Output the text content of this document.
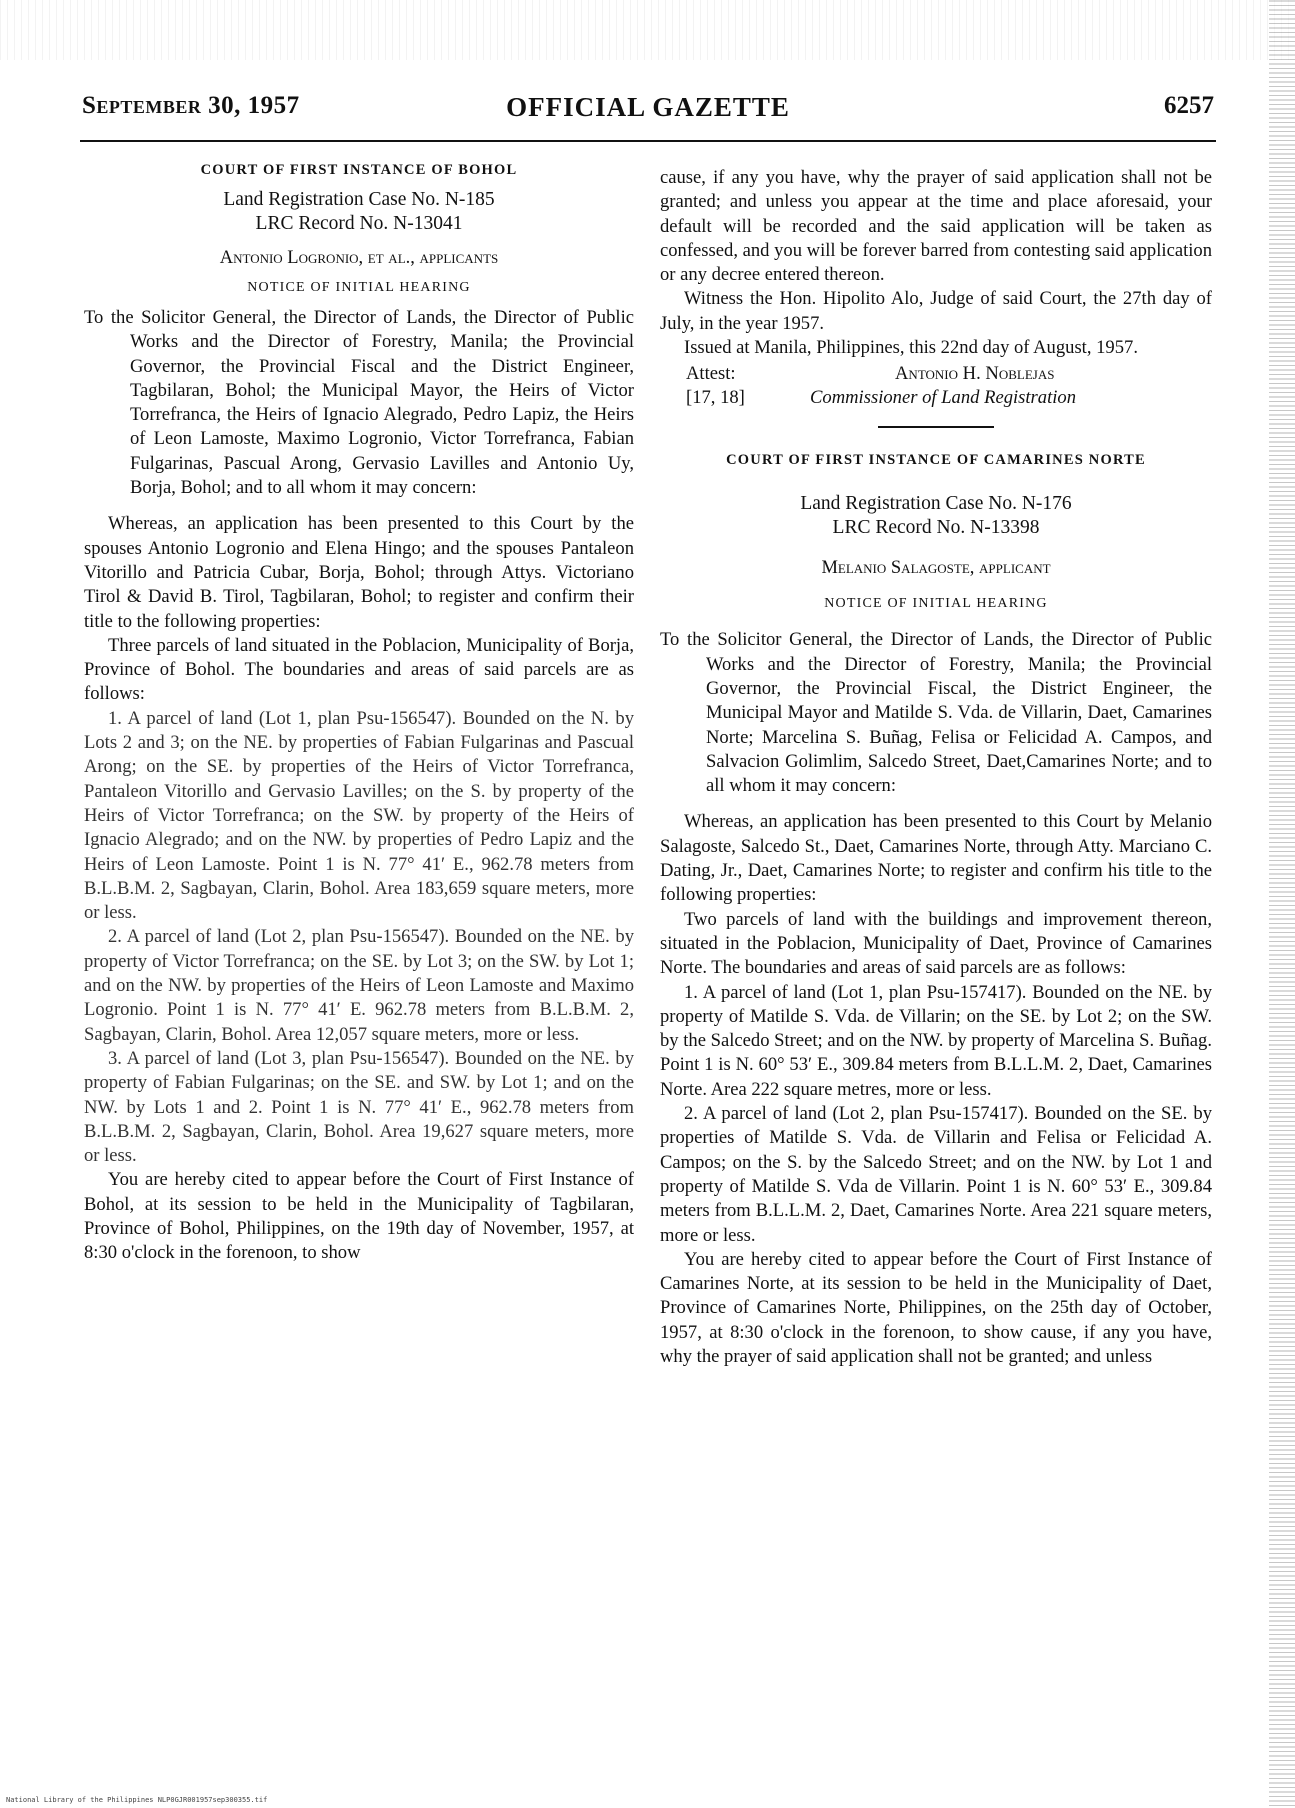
September 30, 1957	OFFICIAL GAZETTE	6257
COURT OF FIRST INSTANCE OF BOHOL
Land Registration Case No. N-185
LRC Record No. N-13041
Antonio Logronio, et al., applicants
NOTICE OF INITIAL HEARING

To the Solicitor General, the Director of Lands, the Director of Public Works and the Director of Forestry, Manila; the Provincial Governor, the Provincial Fiscal and the District Engineer, Tagbilaran, Bohol; the Municipal Mayor, the Heirs of Victor Torrefranca, the Heirs of Ignacio Alegrado, Pedro Lapiz, the Heirs of Leon Lamoste, Maximo Logronio, Victor Torrefranca, Fabian Fulgarinas, Pascual Arong, Gervasio Lavilles and Antonio Uy, Borja, Bohol; and to all whom it may concern:

Whereas, an application has been presented to this Court by the spouses Antonio Logronio and Elena Hingo; and the spouses Pantaleon Vitorillo and Patricia Cubar, Borja, Bohol; through Attys. Victoriano Tirol & David B. Tirol, Tagbilaran, Bohol; to register and confirm their title to the following properties:

Three parcels of land situated in the Poblacion, Municipality of Borja, Province of Bohol. The boundaries and areas of said parcels are as follows:

1. A parcel of land (Lot 1, plan Psu-156547). Bounded on the N. by Lots 2 and 3; on the NE. by properties of Fabian Fulgarinas and Pascual Arong; on the SE. by properties of the Heirs of Victor Torrefranca, Pantaleon Vitorillo and Gervasio Lavilles; on the S. by property of the Heirs of Victor Torrefranca; on the SW. by property of the Heirs of Ignacio Alegrado; and on the NW. by properties of Pedro Lapiz and the Heirs of Leon Lamoste. Point 1 is N. 77° 41′ E., 962.78 meters from B.L.B.M. 2, Sagbayan, Clarin, Bohol. Area 183,659 square meters, more or less.

2. A parcel of land (Lot 2, plan Psu-156547). Bounded on the NE. by property of Victor Torrefranca; on the SE. by Lot 3; on the SW. by Lot 1; and on the NW. by properties of the Heirs of Leon Lamoste and Maximo Logronio. Point 1 is N. 77° 41′ E. 962.78 meters from B.L.B.M. 2, Sagbayan, Clarin, Bohol. Area 12,057 square meters, more or less.

3. A parcel of land (Lot 3, plan Psu-156547). Bounded on the NE. by property of Fabian Fulgarinas; on the SE. and SW. by Lot 1; and on the NW. by Lots 1 and 2. Point 1 is N. 77° 41′ E., 962.78 meters from B.L.B.M. 2, Sagbayan, Clarin, Bohol. Area 19,627 square meters, more or less.

You are hereby cited to appear before the Court of First Instance of Bohol, at its session to be held in the Municipality of Tagbilaran, Province of Bohol, Philippines, on the 19th day of November, 1957, at 8:30 o'clock in the forenoon, to show

cause, if any you have, why the prayer of said application shall not be granted; and unless you appear at the time and place aforesaid, your default will be recorded and the said application will be taken as confessed, and you will be forever barred from contesting said application or any decree entered thereon.

Witness the Hon. Hipolito Alo, Judge of said Court, the 27th day of July, in the year 1957.

Issued at Manila, Philippines, this 22nd day of August, 1957.

Attest:
[17, 18]
Antonio H. Noblejas
Commissioner of Land Registration
COURT OF FIRST INSTANCE OF CAMARINES NORTE
Land Registration Case No. N-176
LRC Record No. N-13398
Melanio Salagoste, applicant
NOTICE OF INITIAL HEARING

To the Solicitor General, the Director of Lands, the Director of Public Works and the Director of Forestry, Manila; the Provincial Governor, the Provincial Fiscal, the District Engineer, the Municipal Mayor and Matilde S. Vda. de Villarin, Daet, Camarines Norte; Marcelina S. Buñag, Felisa or Felicidad A. Campos, and Salvacion Golimlim, Salcedo Street, Daet,Camarines Norte; and to all whom it may concern:

Whereas, an application has been presented to this Court by Melanio Salagoste, Salcedo St., Daet, Camarines Norte, through Atty. Marciano C. Dating, Jr., Daet, Camarines Norte; to register and confirm his title to the following properties:

Two parcels of land with the buildings and improvement thereon, situated in the Poblacion, Municipality of Daet, Province of Camarines Norte. The boundaries and areas of said parcels are as follows:

1. A parcel of land (Lot 1, plan Psu-157417). Bounded on the NE. by property of Matilde S. Vda. de Villarin; on the SE. by Lot 2; on the SW. by the Salcedo Street; and on the NW. by property of Marcelina S. Buñag. Point 1 is N. 60° 53′ E., 309.84 meters from B.L.L.M. 2, Daet, Camarines Norte. Area 222 square metres, more or less.

2. A parcel of land (Lot 2, plan Psu-157417). Bounded on the SE. by properties of Matilde S. Vda. de Villarin and Felisa or Felicidad A. Campos; on the S. by the Salcedo Street; and on the NW. by Lot 1 and property of Matilde S. Vda de Villarin. Point 1 is N. 60° 53′ E., 309.84 meters from B.L.L.M. 2, Daet, Camarines Norte. Area 221 square meters, more or less.

You are hereby cited to appear before the Court of First Instance of Camarines Norte, at its session to be held in the Municipality of Daet, Province of Camarines Norte, Philippines, on the 25th day of October, 1957, at 8:30 o'clock in the forenoon, to show cause, if any you have, why the prayer of said application shall not be granted; and unless

National Library of the Philippines NLP0GJR001957sep300355.tif
